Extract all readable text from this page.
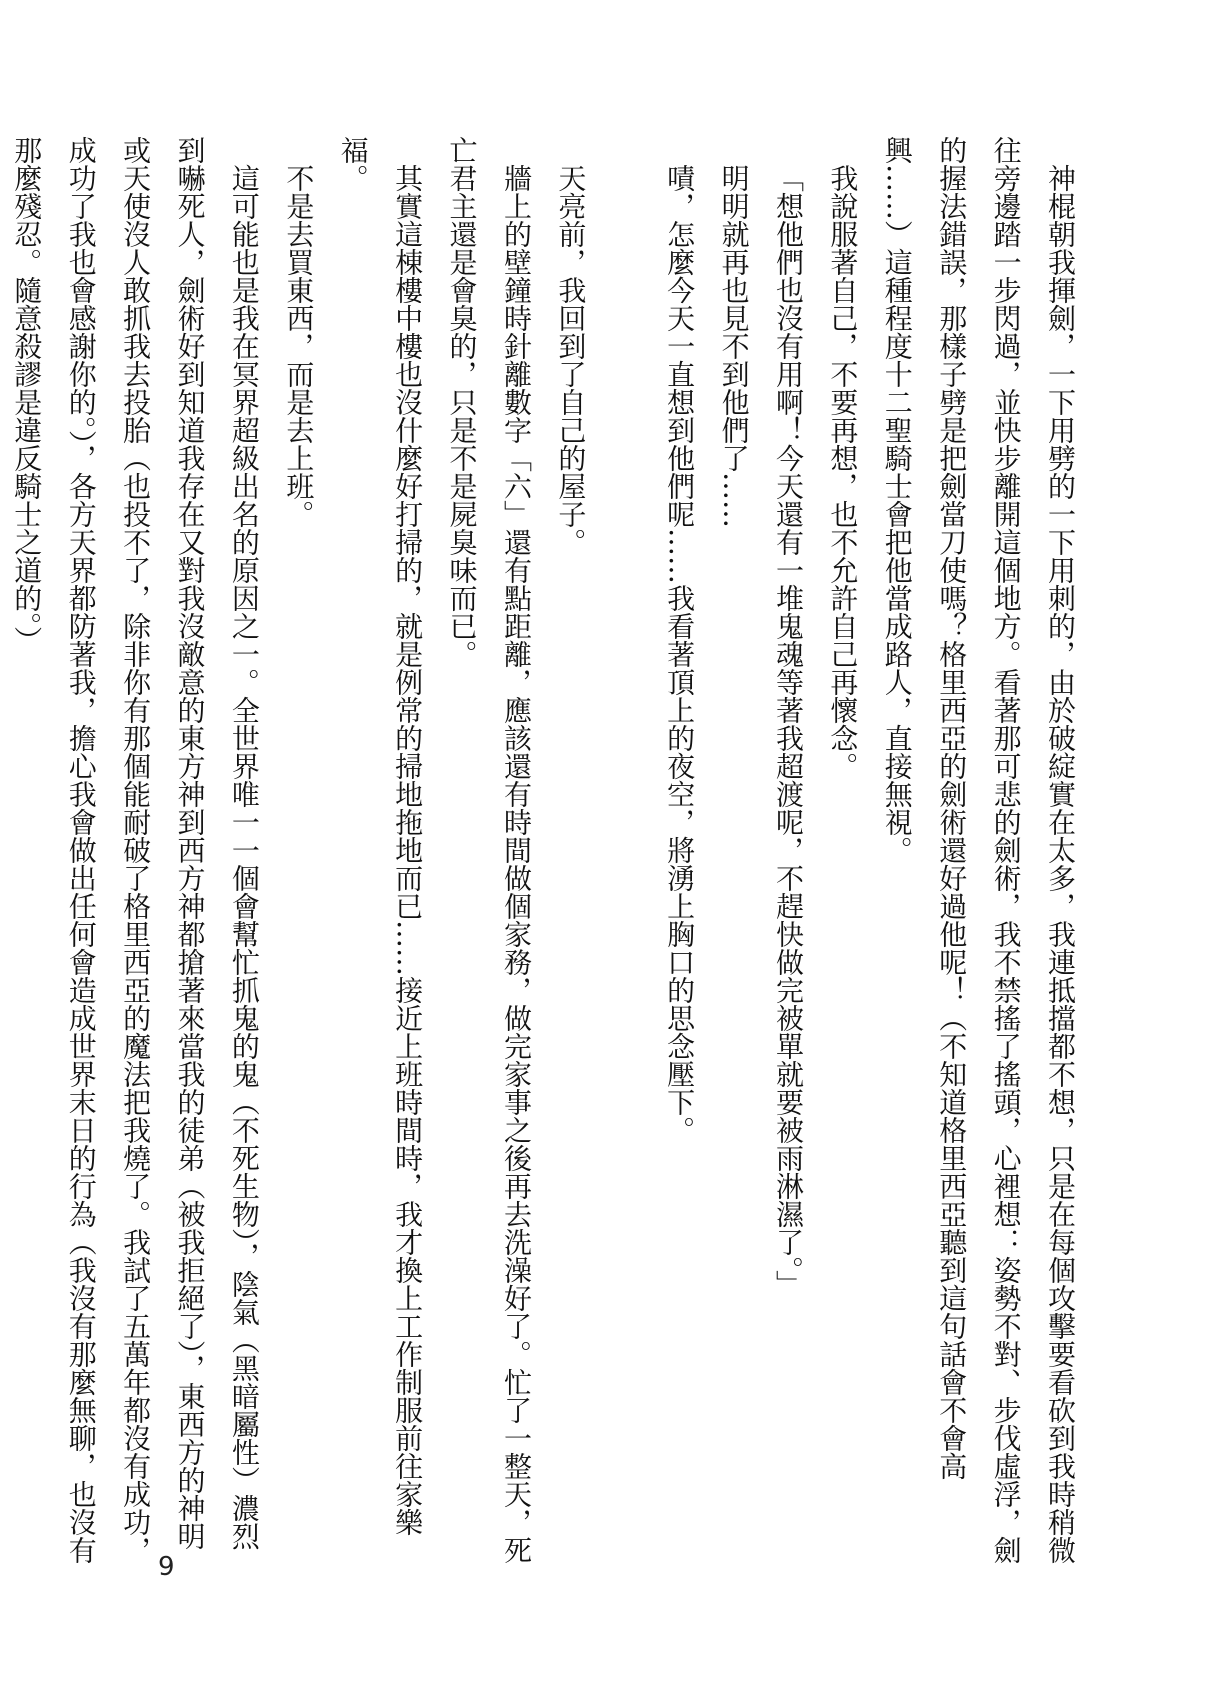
神棍朝我揮劍，一下用劈的一下用刺的，由於破綻實在太多，我連抵擋都不想，只是在每個攻擊要看砍到我時稍微往旁邊踏一步閃過，並快步離開這個地方。看著那可悲的劍術，我不禁搖了搖頭，心裡想：姿勢不對、步伐虛浮，劍的握法錯誤，那樣子劈是把劍當刀使嗎？格里西亞的劍術還好過他呢！（不知道格里西亞聽到這句話會不會高興……）這種程度十二聖騎士會把他當成路人，直接無視。

我說服著自己，不要再想，也不允許自己再懷念。

「想他們也沒有用啊！今天還有一堆鬼魂等著我超渡呢，不趕快做完被單就要被雨淋濕了。」

明明就再也見不到他們了……

嘖，怎麼今天一直想到他們呢……我看著頂上的夜空，將湧上胸口的思念壓下。

天亮前，我回到了自己的屋子。

牆上的壁鐘時針離數字「六」還有點距離，應該還有時間做個家務，做完家事之後再去洗澡好了。忙了一整天，死亡君主還是會臭的，只是不是屍臭味而已。

其實這棟樓中樓也沒什麼好打掃的，就是例常的掃地拖地而已……接近上班時間時，我才換上工作制服前往家樂福。

不是去買東西，而是去上班。

這可能也是我在冥界超級出名的原因之一。全世界唯一一個會幫忙抓鬼的鬼（不死生物），陰氣（黑暗屬性）濃烈到嚇死人，劍術好到知道我存在又對我沒敵意的東方神到西方神都搶著來當我的徒弟（被我拒絕了），東西方的神明或天使沒人敢抓我去投胎（也投不了，除非你有那個能耐破了格里西亞的魔法把我燒了。我試了五萬年都沒有成功，成功了我也會感謝你的。），各方天界都防著我，擔心我會做出任何會造成世界末日的行為（我沒有那麼無聊，也沒有那麼殘忍。隨意殺謬是違反騎士之道的。）

9
